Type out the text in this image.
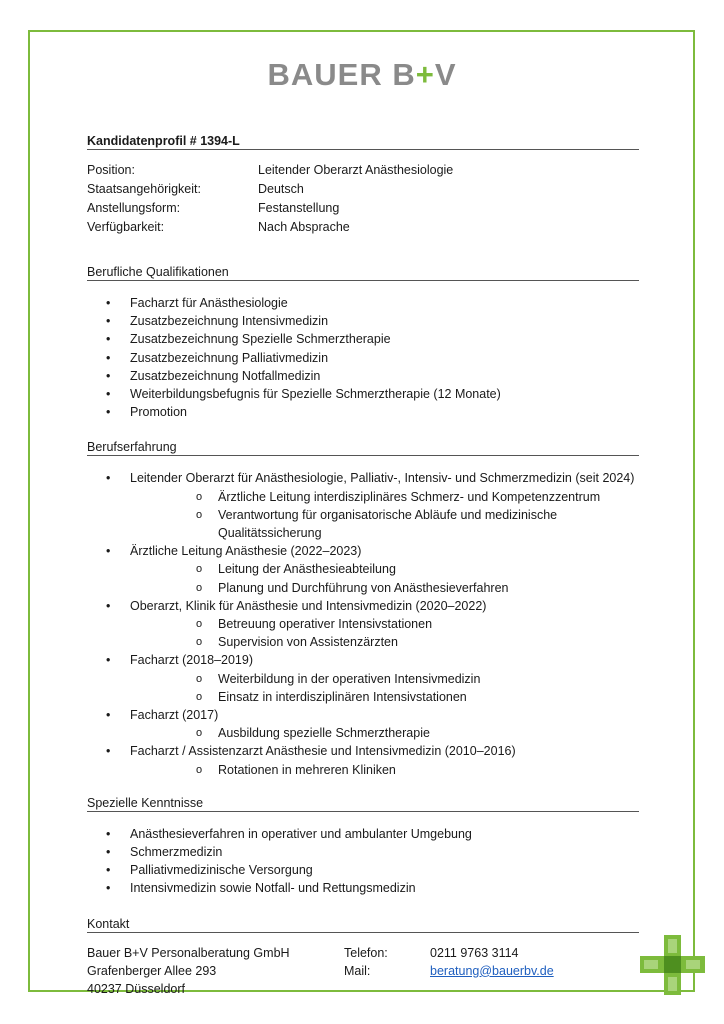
BAUER B+V
Kandidatenprofil # 1394-L
Position:	Leitender Oberarzt Anästhesiologie
Staatsangehörigkeit:	Deutsch
Anstellungsform:	Festanstellung
Verfügbarkeit:	Nach Absprache
Berufliche Qualifikationen
• Facharzt für Anästhesiologie
• Zusatzbezeichnung Intensivmedizin
• Zusatzbezeichnung Spezielle Schmerztherapie
• Zusatzbezeichnung Palliativmedizin
• Zusatzbezeichnung Notfallmedizin
• Weiterbildungsbefugnis für Spezielle Schmerztherapie (12 Monate)
• Promotion
Berufserfahrung
• Leitender Oberarzt für Anästhesiologie, Palliativ-, Intensiv- und Schmerzmedizin (seit 2024)
o Ärztliche Leitung interdisziplinäres Schmerz- und Kompetenzzentrum
o Verantwortung für organisatorische Abläufe und medizinische Qualitätssicherung
• Ärztliche Leitung Anästhesie (2022–2023)
o Leitung der Anästhesieabteilung
o Planung und Durchführung von Anästhesieverfahren
• Oberarzt, Klinik für Anästhesie und Intensivmedizin (2020–2022)
o Betreuung operativer Intensivstationen
o Supervision von Assistenzärzten
• Facharzt (2018–2019)
o Weiterbildung in der operativen Intensivmedizin
o Einsatz in interdisziplinären Intensivstationen
• Facharzt (2017)
o Ausbildung spezielle Schmerztherapie
• Facharzt / Assistenzarzt Anästhesie und Intensivmedizin (2010–2016)
o Rotationen in mehreren Kliniken
Spezielle Kenntnisse
• Anästhesieverfahren in operativer und ambulanter Umgebung
• Schmerzmedizin
• Palliativmedizinische Versorgung
• Intensivmedizin sowie Notfall- und Rettungsmedizin
Kontakt
Bauer B+V Personalberatung GmbH
Grafenberger Allee 293
40237 Düsseldorf
Telefon:	0211 9763 3114
Mail:	beratung@bauerbv.de
